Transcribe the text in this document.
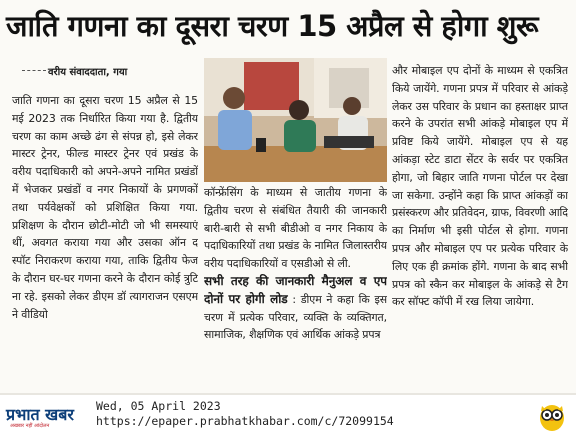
जाति गणना का दूसरा चरण 15 अप्रैल से होगा शुरू
वरीय संवाददाता, गया
जाति गणना का दूसरा चरण 15 अप्रैल से 15 मई 2023 तक निर्धारित किया गया है. द्वितीय चरण का काम अच्छे ढंग से संपन्न हो, इसे लेकर मास्टर ट्रेनर, फील्ड मास्टर ट्रेनर एवं प्रखंड के वरीय पदाधिकारी को अपने-अपने नामित प्रखंडों में भेजकर प्रखंडों व नगर निकायों के प्रगणकों तथा पर्यवेक्षकों को प्रशिक्षित किया गया. प्रशिक्षण के दौरान छोटी-मोटी जो भी समस्याएं थीं, अवगत कराया गया और उसका ऑन द स्पॉट निराकरण कराया गया, ताकि द्वितीय फेज के दौरान घर-घर गणना करने के दौरान कोई त्रुटि ना रहे. इसको लेकर डीएम डॉ त्यागराजन एसएम ने वीडियो
कॉन्फ्रेंसिंग के माध्यम से जातीय गणना के द्वितीय चरण से संबंधित तैयारी की जानकारी बारी-बारी से सभी बीडीओ व नगर निकाय के पदाधिकारियों तथा प्रखंड के नामित जिलास्तरीय वरीय पदाधिकारियों व एसडीओ से ली.
सभी तरह की जानकारी मैनुअल व एप दोनों पर होगी लोड : डीएम ने कहा कि इस चरण में प्रत्येक परिवार, व्यक्ति के व्यक्तिगत, सामाजिक, शैक्षणिक एवं आर्थिक आंकड़े प्रपत्र
और मोबाइल एप दोनों के माध्यम से एकत्रित किये जायेंगे. गणना प्रपत्र में परिवार से आंकड़े लेकर उस परिवार के प्रधान का हस्ताक्षर प्राप्त करने के उपरांत सभी आंकड़े मोबाइल एप में प्रविष्ट किये जायेंगे. मोबाइल एप से यह आंकड़ा स्टेट डाटा सेंटर के सर्वर पर एकत्रित होगा, जो बिहार जाति गणना पोर्टल पर देखा जा सकेगा. उन्होंने कहा कि प्राप्त आंकड़ों का प्रसंस्करण और प्रतिवेदन, ग्राफ, विवरणी आदि का निर्माण भी इसी पोर्टल से होगा. गणना प्रपत्र और मोबाइल एप पर प्रत्येक परिवार के लिए एक ही क्रमांक होंगे. गणना के बाद सभी प्रपत्र को स्कैन कर मोबाइल के आंकड़े से टैग कर सॉफ्ट कॉपी में रख लिया जायेगा.
प्रभात खबर
अखबार नहीं आंदोलन
Wed, 05 April 2023
https://epaper.prabhatkhabar.com/c/72099154
